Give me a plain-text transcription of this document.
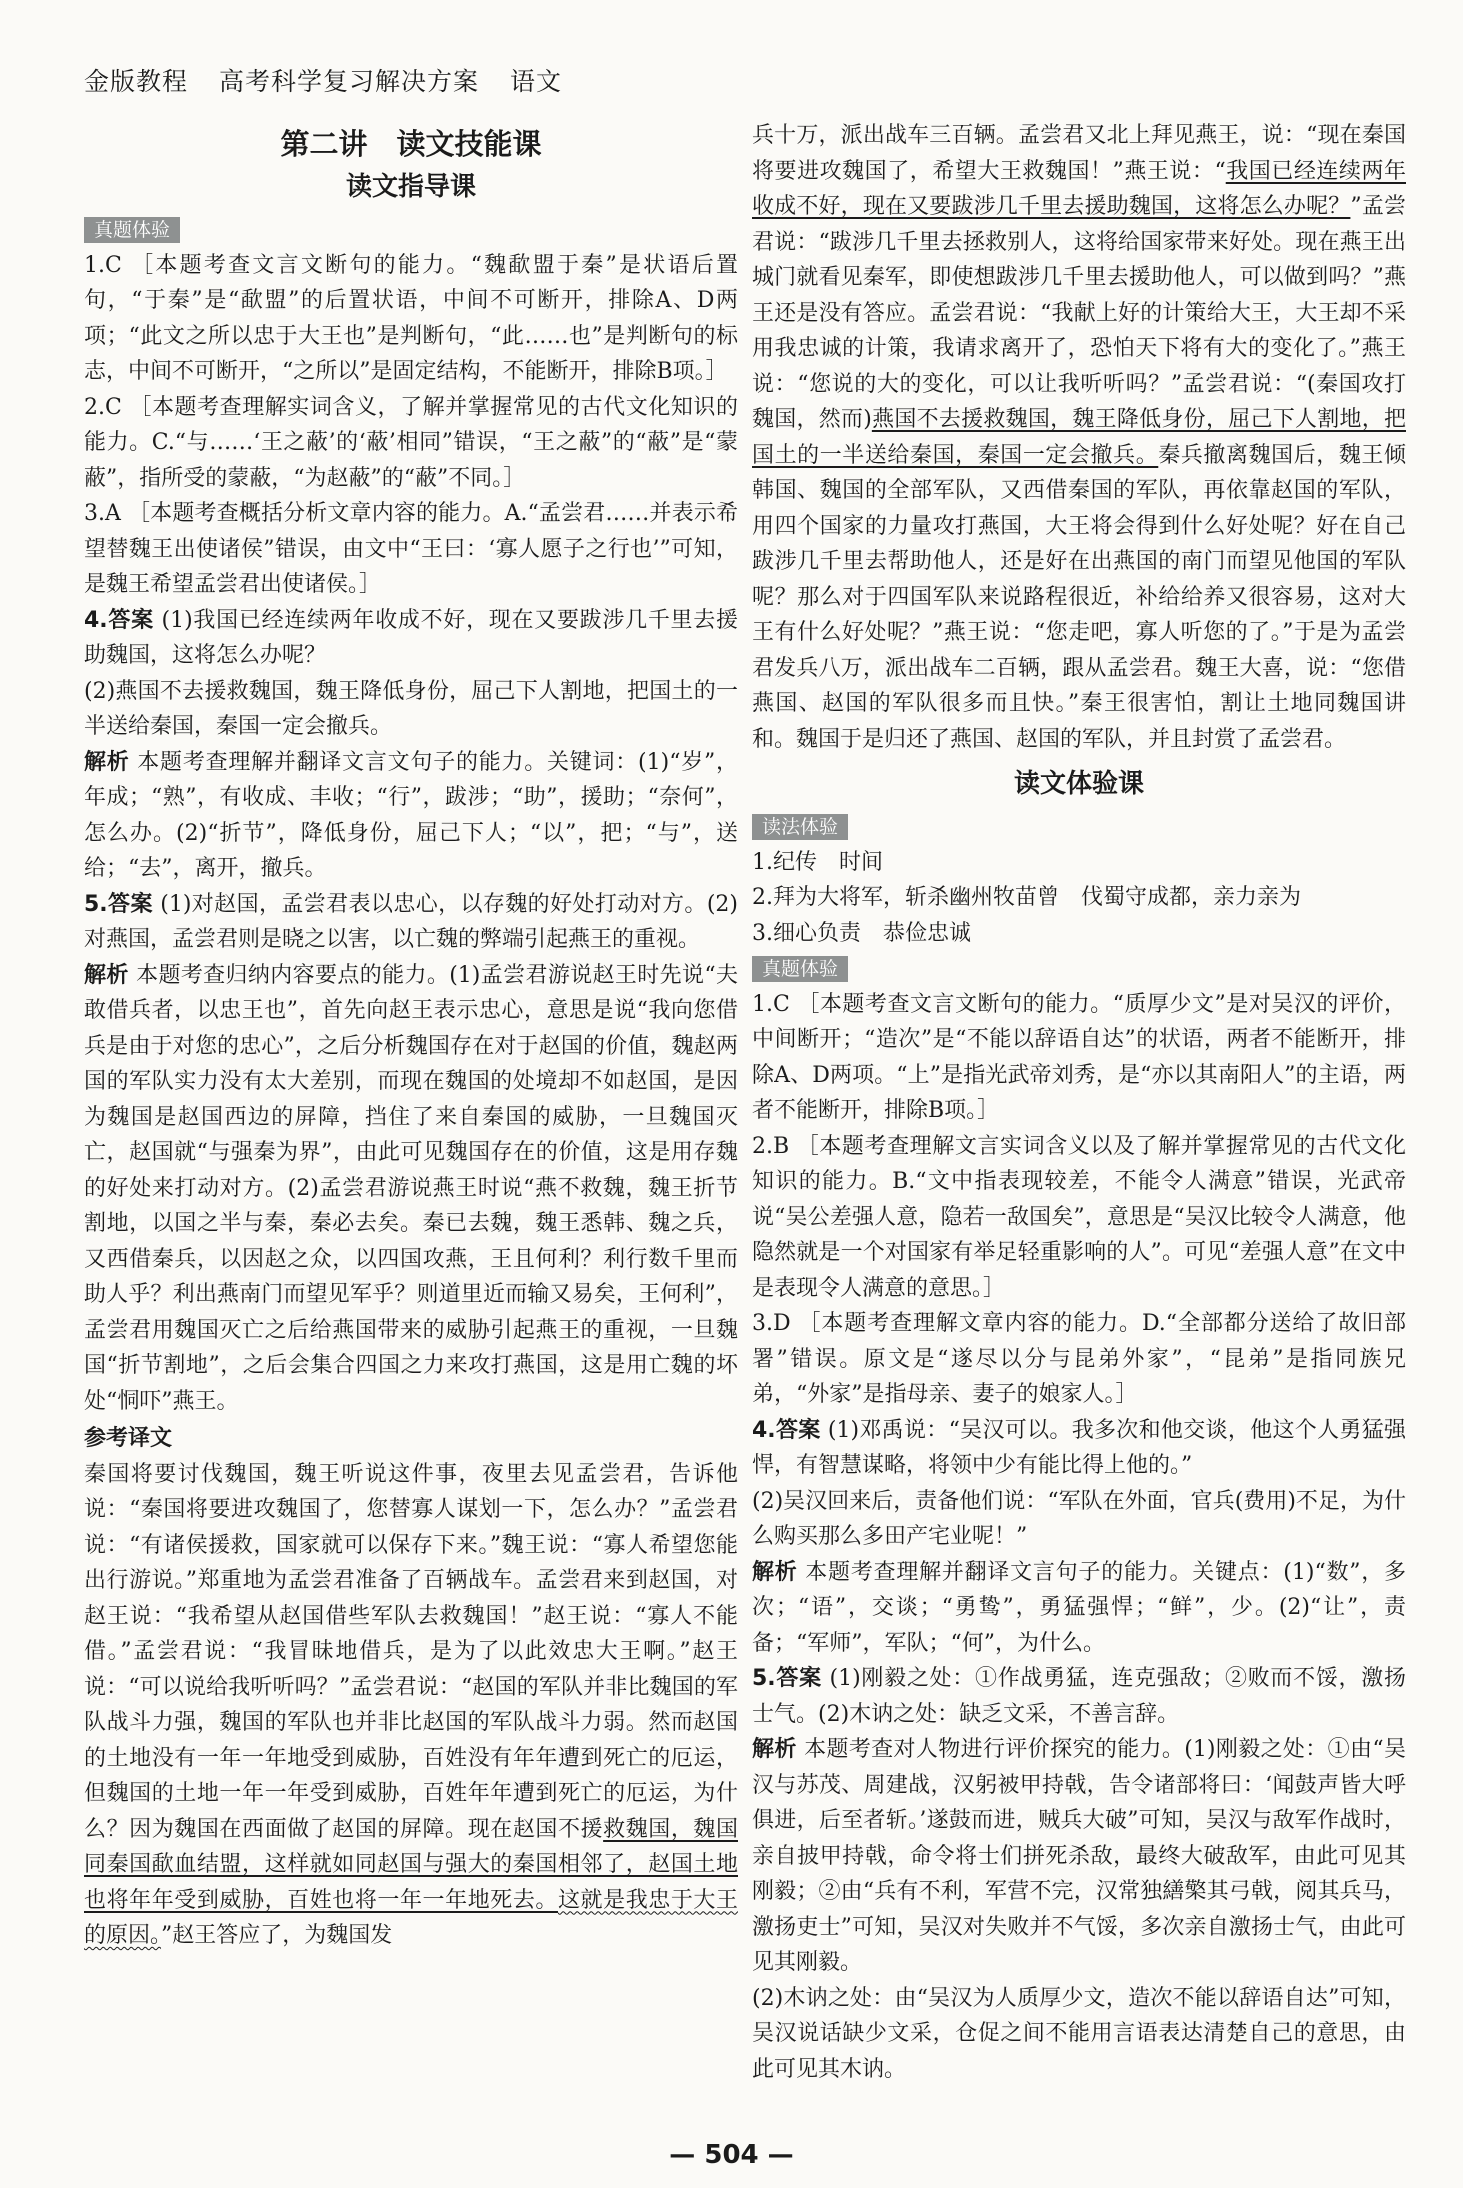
金版教程 高考科学复习解决方案 语文
第二讲　读文技能课
读文指导课
真题体验

1.C ［本题考查文言文断句的能力。“魏歃盟于秦”是状语后置句，“于秦”是“歃盟”的后置状语，中间不可断开，排除A、D两项；“此文之所以忠于大王也”是判断句，“此……也”是判断句的标志，中间不可断开，“之所以”是固定结构，不能断开，排除B项。］

2.C ［本题考查理解实词含义，了解并掌握常见的古代文化知识的能力。C.“与……‘王之蔽’的‘蔽’相同”错误，“王之蔽”的“蔽”是“蒙蔽”，指所受的蒙蔽，“为赵蔽”的“蔽”不同。］

3.A ［本题考查概括分析文章内容的能力。A.“孟尝君……并表示希望替魏王出使诸侯”错误，由文中“王曰：‘寡人愿子之行也’”可知，是魏王希望孟尝君出使诸侯。］

4.答案 (1)我国已经连续两年收成不好，现在又要跋涉几千里去援助魏国，这将怎么办呢？

(2)燕国不去援救魏国，魏王降低身份，屈己下人割地，把国土的一半送给秦国，秦国一定会撤兵。

解析 本题考查理解并翻译文言文句子的能力。关键词：(1)“岁”，年成；“熟”，有收成、丰收；“行”，跋涉；“助”，援助；“奈何”，怎么办。(2)“折节”，降低身份，屈己下人；“以”，把；“与”，送给；“去”，离开，撤兵。

5.答案 (1)对赵国，孟尝君表以忠心，以存魏的好处打动对方。(2)对燕国，孟尝君则是晓之以害，以亡魏的弊端引起燕王的重视。

解析 本题考查归纳内容要点的能力。(1)孟尝君游说赵王时先说“夫敢借兵者，以忠王也”，首先向赵王表示忠心，意思是说“我向您借兵是由于对您的忠心”，之后分析魏国存在对于赵国的价值，魏赵两国的军队实力没有太大差别，而现在魏国的处境却不如赵国，是因为魏国是赵国西边的屏障，挡住了来自秦国的威胁，一旦魏国灭亡，赵国就“与强秦为界”，由此可见魏国存在的价值，这是用存魏的好处来打动对方。(2)孟尝君游说燕王时说“燕不救魏，魏王折节割地，以国之半与秦，秦必去矣。秦已去魏，魏王悉韩、魏之兵，又西借秦兵，以因赵之众，以四国攻燕，王且何利？利行数千里而助人乎？利出燕南门而望见军乎？则道里近而输又易矣，王何利”，孟尝君用魏国灭亡之后给燕国带来的威胁引起燕王的重视，一旦魏国“折节割地”，之后会集合四国之力来攻打燕国，这是用亡魏的坏处“恫吓”燕王。

参考译文

秦国将要讨伐魏国，魏王听说这件事，夜里去见孟尝君，告诉他说：“秦国将要进攻魏国了，您替寡人谋划一下，怎么办？”孟尝君说：“有诸侯援救，国家就可以保存下来。”魏王说：“寡人希望您能出行游说。”郑重地为孟尝君准备了百辆战车。孟尝君来到赵国，对赵王说：“我希望从赵国借些军队去救魏国！”赵王说：“寡人不能借。”孟尝君说：“我冒昧地借兵，是为了以此效忠大王啊。”赵王说：“可以说给我听听吗？”孟尝君说：“赵国的军队并非比魏国的军队战斗力强，魏国的军队也并非比赵国的军队战斗力弱。然而赵国的土地没有一年一年地受到威胁，百姓没有年年遭到死亡的厄运，但魏国的土地一年一年受到威胁，百姓年年遭到死亡的厄运，为什么？因为魏国在西面做了赵国的屏障。现在赵国不援救魏国，魏国同秦国歃血结盟，这样就如同赵国与强大的秦国相邻了，赵国土地也将年年受到威胁，百姓也将一年一年地死去。这就是我忠于大王的原因。”赵王答应了，为魏国发

兵十万，派出战车三百辆。孟尝君又北上拜见燕王，说：“现在秦国将要进攻魏国了，希望大王救魏国！”燕王说：“我国已经连续两年收成不好，现在又要跋涉几千里去援助魏国，这将怎么办呢？”孟尝君说：“跋涉几千里去拯救别人，这将给国家带来好处。现在燕王出城门就看见秦军，即使想跋涉几千里去援助他人，可以做到吗？”燕王还是没有答应。孟尝君说：“我献上好的计策给大王，大王却不采用我忠诚的计策，我请求离开了，恐怕天下将有大的变化了。”燕王说：“您说的大的变化，可以让我听听吗？”孟尝君说：“(秦国攻打魏国，然而)燕国不去援救魏国，魏王降低身份，屈己下人割地，把国土的一半送给秦国，秦国一定会撤兵。秦兵撤离魏国后，魏王倾韩国、魏国的全部军队，又西借秦国的军队，再依靠赵国的军队，用四个国家的力量攻打燕国，大王将会得到什么好处呢？好在自己跋涉几千里去帮助他人，还是好在出燕国的南门而望见他国的军队呢？那么对于四国军队来说路程很近，补给给养又很容易，这对大王有什么好处呢？”燕王说：“您走吧，寡人听您的了。”于是为孟尝君发兵八万，派出战车二百辆，跟从孟尝君。魏王大喜，说：“您借燕国、赵国的军队很多而且快。”秦王很害怕，割让土地同魏国讲和。魏国于是归还了燕国、赵国的军队，并且封赏了孟尝君。

读文体验课
读法体验

1.纪传　时间

2.拜为大将军，斩杀幽州牧苗曾　伐蜀守成都，亲力亲为

3.细心负责　恭俭忠诚

真题体验

1.C ［本题考查文言文断句的能力。“质厚少文”是对吴汉的评价，中间断开；“造次”是“不能以辞语自达”的状语，两者不能断开，排除A、D两项。“上”是指光武帝刘秀，是“亦以其南阳人”的主语，两者不能断开，排除B项。］

2.B ［本题考查理解文言实词含义以及了解并掌握常见的古代文化知识的能力。B.“文中指表现较差，不能令人满意”错误，光武帝说“吴公差强人意，隐若一敌国矣”，意思是“吴汉比较令人满意，他隐然就是一个对国家有举足轻重影响的人”。可见“差强人意”在文中是表现令人满意的意思。］

3.D ［本题考查理解文章内容的能力。D.“全部都分送给了故旧部署”错误。原文是“遂尽以分与昆弟外家”，“昆弟”是指同族兄弟，“外家”是指母亲、妻子的娘家人。］

4.答案 (1)邓禹说：“吴汉可以。我多次和他交谈，他这个人勇猛强悍，有智慧谋略，将领中少有能比得上他的。”

(2)吴汉回来后，责备他们说：“军队在外面，官兵(费用)不足，为什么购买那么多田产宅业呢！”

解析 本题考查理解并翻译文言句子的能力。关键点：(1)“数”，多次；“语”，交谈；“勇鸷”，勇猛强悍；“鲜”，少。(2)“让”，责备；“军师”，军队；“何”，为什么。

5.答案 (1)刚毅之处：①作战勇猛，连克强敌；②败而不馁，激扬士气。(2)木讷之处：缺乏文采，不善言辞。

解析 本题考查对人物进行评价探究的能力。(1)刚毅之处：①由“吴汉与苏茂、周建战，汉躬被甲持戟，告令诸部将曰：‘闻鼓声皆大呼俱进，后至者斩。’遂鼓而进，贼兵大破”可知，吴汉与敌军作战时，亲自披甲持戟，命令将士们拼死杀敌，最终大破敌军，由此可见其刚毅；②由“兵有不利，军营不完，汉常独繕檠其弓戟，阅其兵马，激扬吏士”可知，吴汉对失败并不气馁，多次亲自激扬士气，由此可见其刚毅。

(2)木讷之处：由“吴汉为人质厚少文，造次不能以辞语自达”可知，吴汉说话缺少文采，仓促之间不能用言语表达清楚自己的意思，由此可见其木讷。

— 504 —
